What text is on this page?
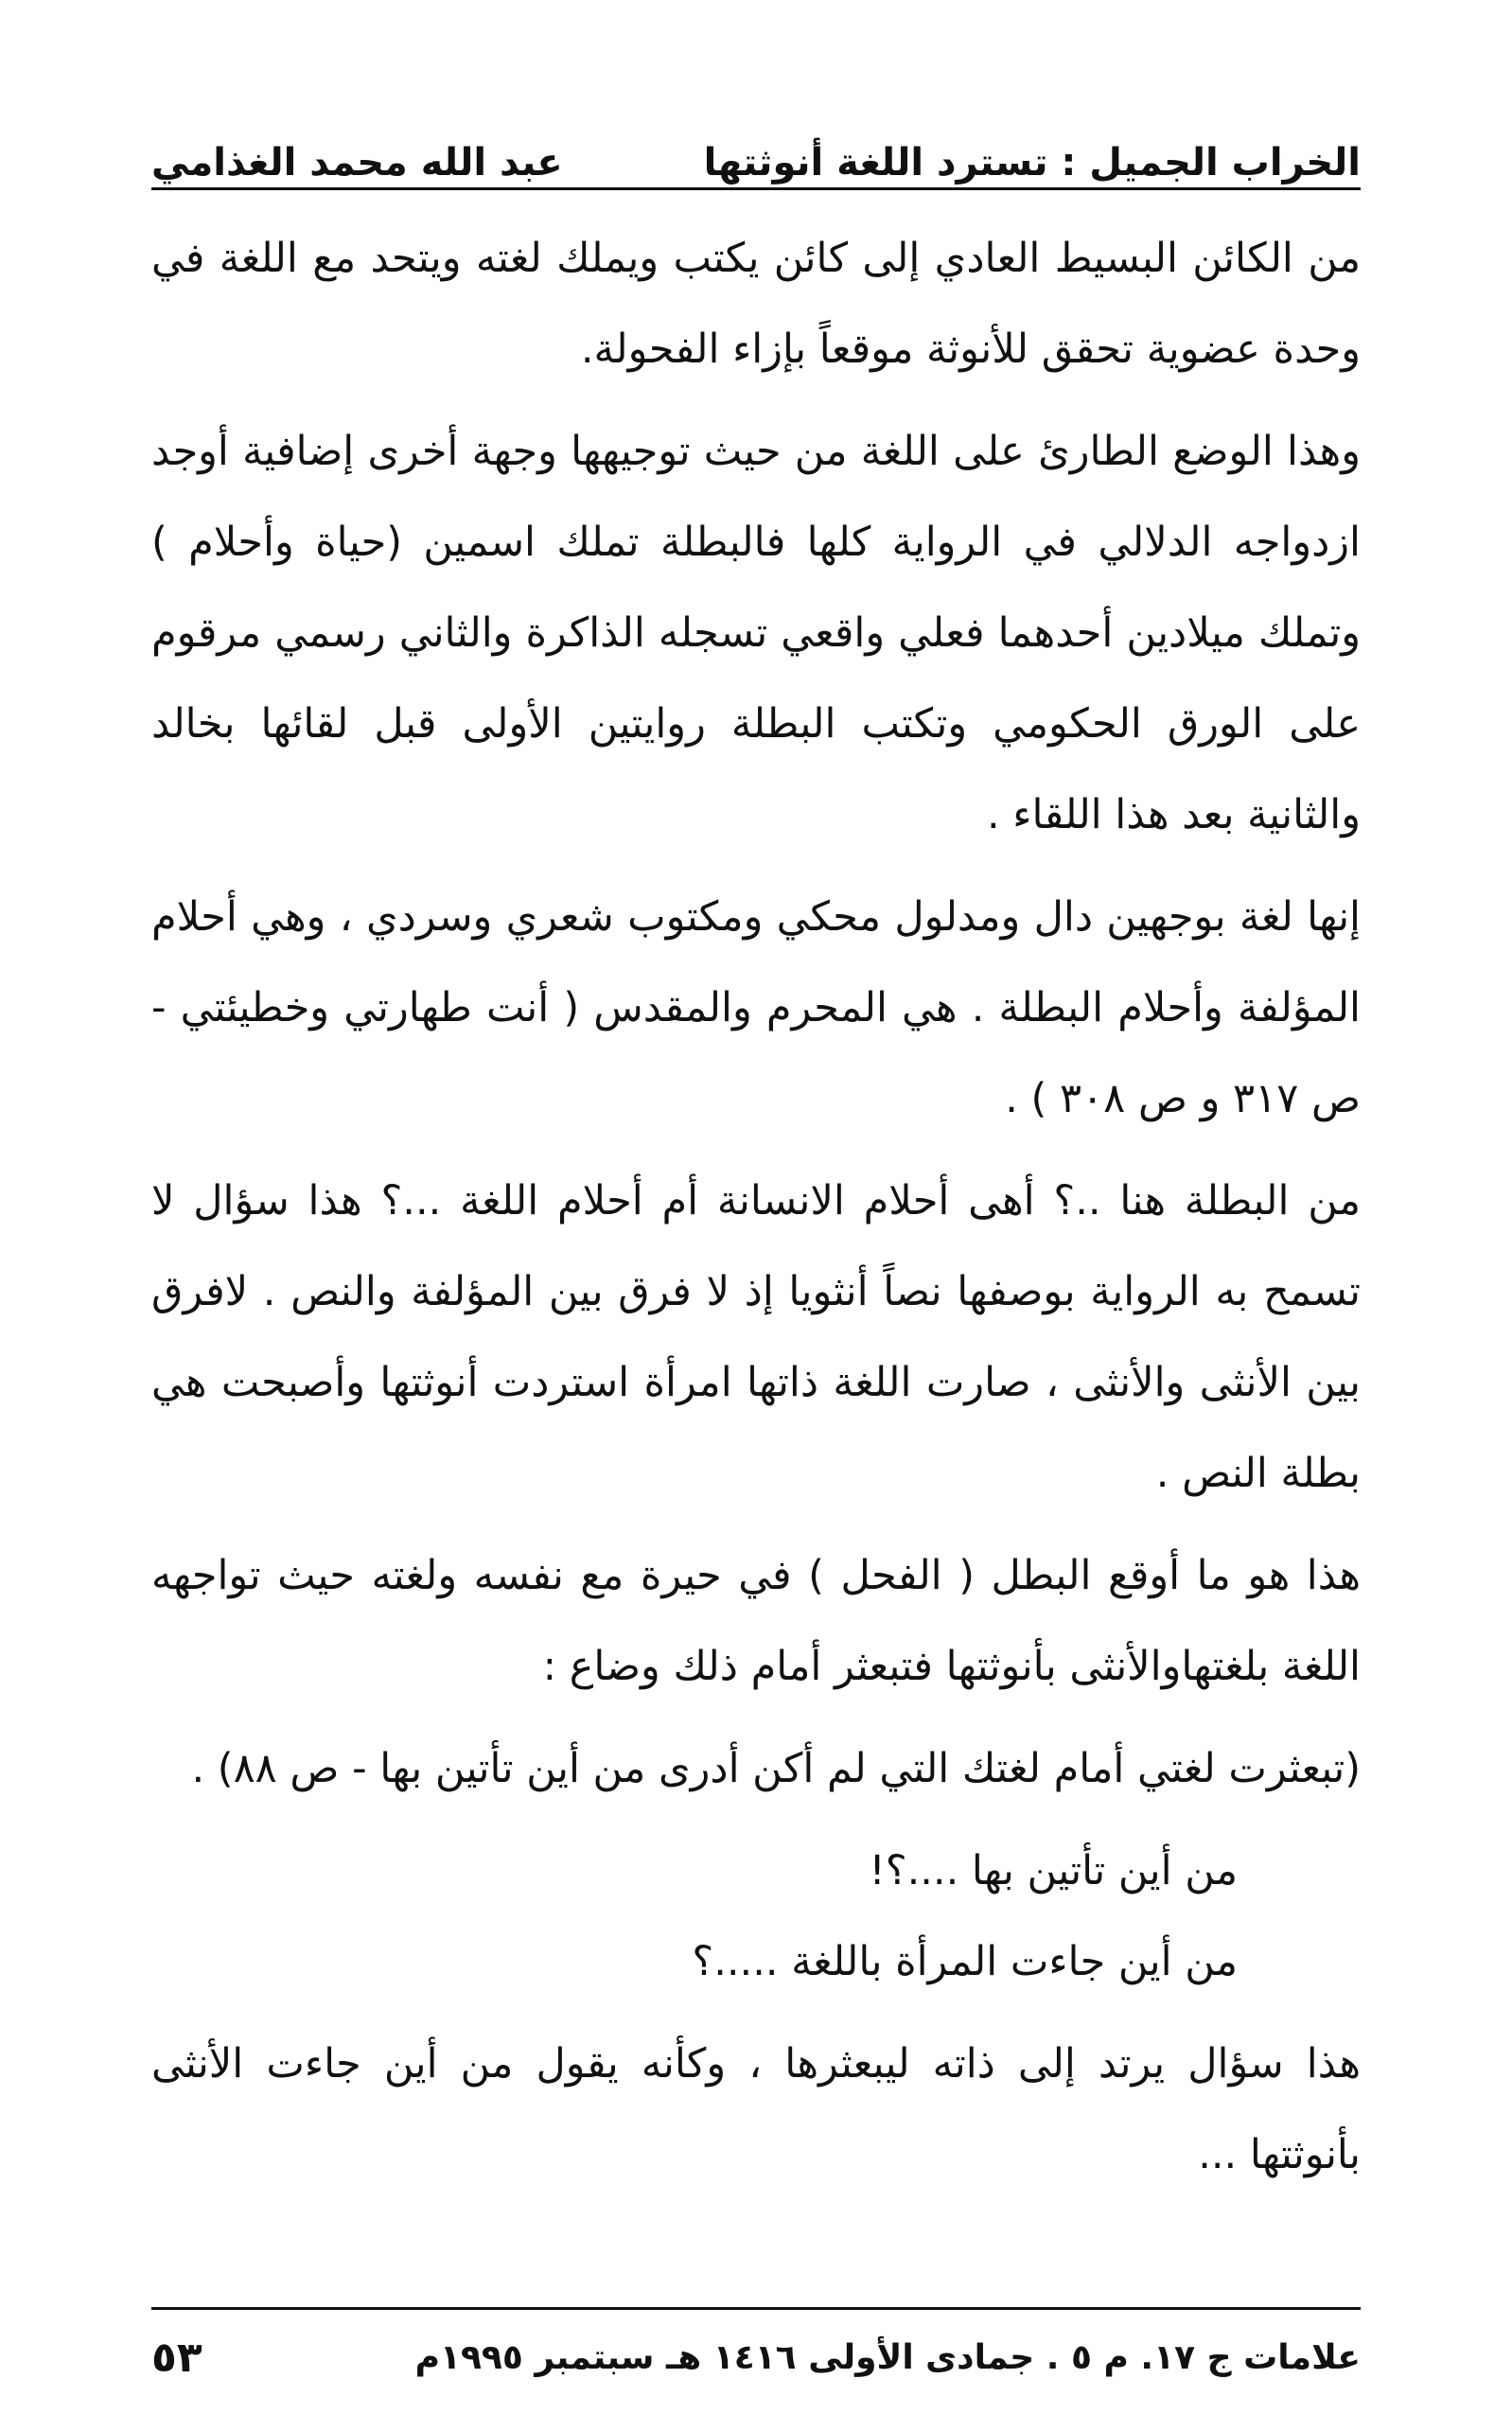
الخراب الجميل : تسترد اللغة أنوثتها
عبد الله محمد الغذامي

من الكائن البسيط العادي إلى كائن يكتب ويملك لغته ويتحد مع اللغة في وحدة عضوية تحقق للأنوثة موقعاً بإزاء الفحولة.

وهذا الوضع الطارئ على اللغة من حيث توجيهها وجهة أخرى إضافية أوجد ازدواجه الدلالي في الرواية كلها فالبطلة تملك اسمين (حياة وأحلام ) وتملك ميلادين أحدهما فعلي واقعي تسجله الذاكرة والثاني رسمي مرقوم على الورق الحكومي وتكتب البطلة روايتين الأولى قبل لقائها بخالد والثانية بعد هذا اللقاء .

إنها لغة بوجهين دال ومدلول محكي ومكتوب شعري وسردي ، وهي أحلام المؤلفة وأحلام البطلة . هي المحرم والمقدس ( أنت طهارتي وخطيئتي - ص ٣١٧ و ص ٣٠٨ ) .

من البطلة هنا ..؟ أهى أحلام الانسانة أم أحلام اللغة ...؟ هذا سؤال لا تسمح به الرواية بوصفها نصاً أنثويا إذ لا فرق بين المؤلفة والنص . لافرق بين الأنثى والأنثى ، صارت اللغة ذاتها امرأة استردت أنوثتها وأصبحت هي بطلة النص .

هذا هو ما أوقع البطل ( الفحل ) في حيرة مع نفسه ولغته حيث تواجهه اللغة بلغتهاوالأنثى بأنوثتها فتبعثر أمام ذلك وضاع :

(تبعثرت لغتي أمام لغتك التي لم أكن أدرى من أين تأتين بها - ص ٨٨) .

من أين تأتين بها ....؟!

من أين جاءت المرأة باللغة .....؟

هذا سؤال يرتد إلى ذاته ليبعثرها ، وكأنه يقول من أين جاءت الأنثى بأنوثتها ...

علامات ج ١٧. م ٥ . جمادى الأولى ١٤١٦ هـ سبتمبر ١٩٩٥م
٥٣
